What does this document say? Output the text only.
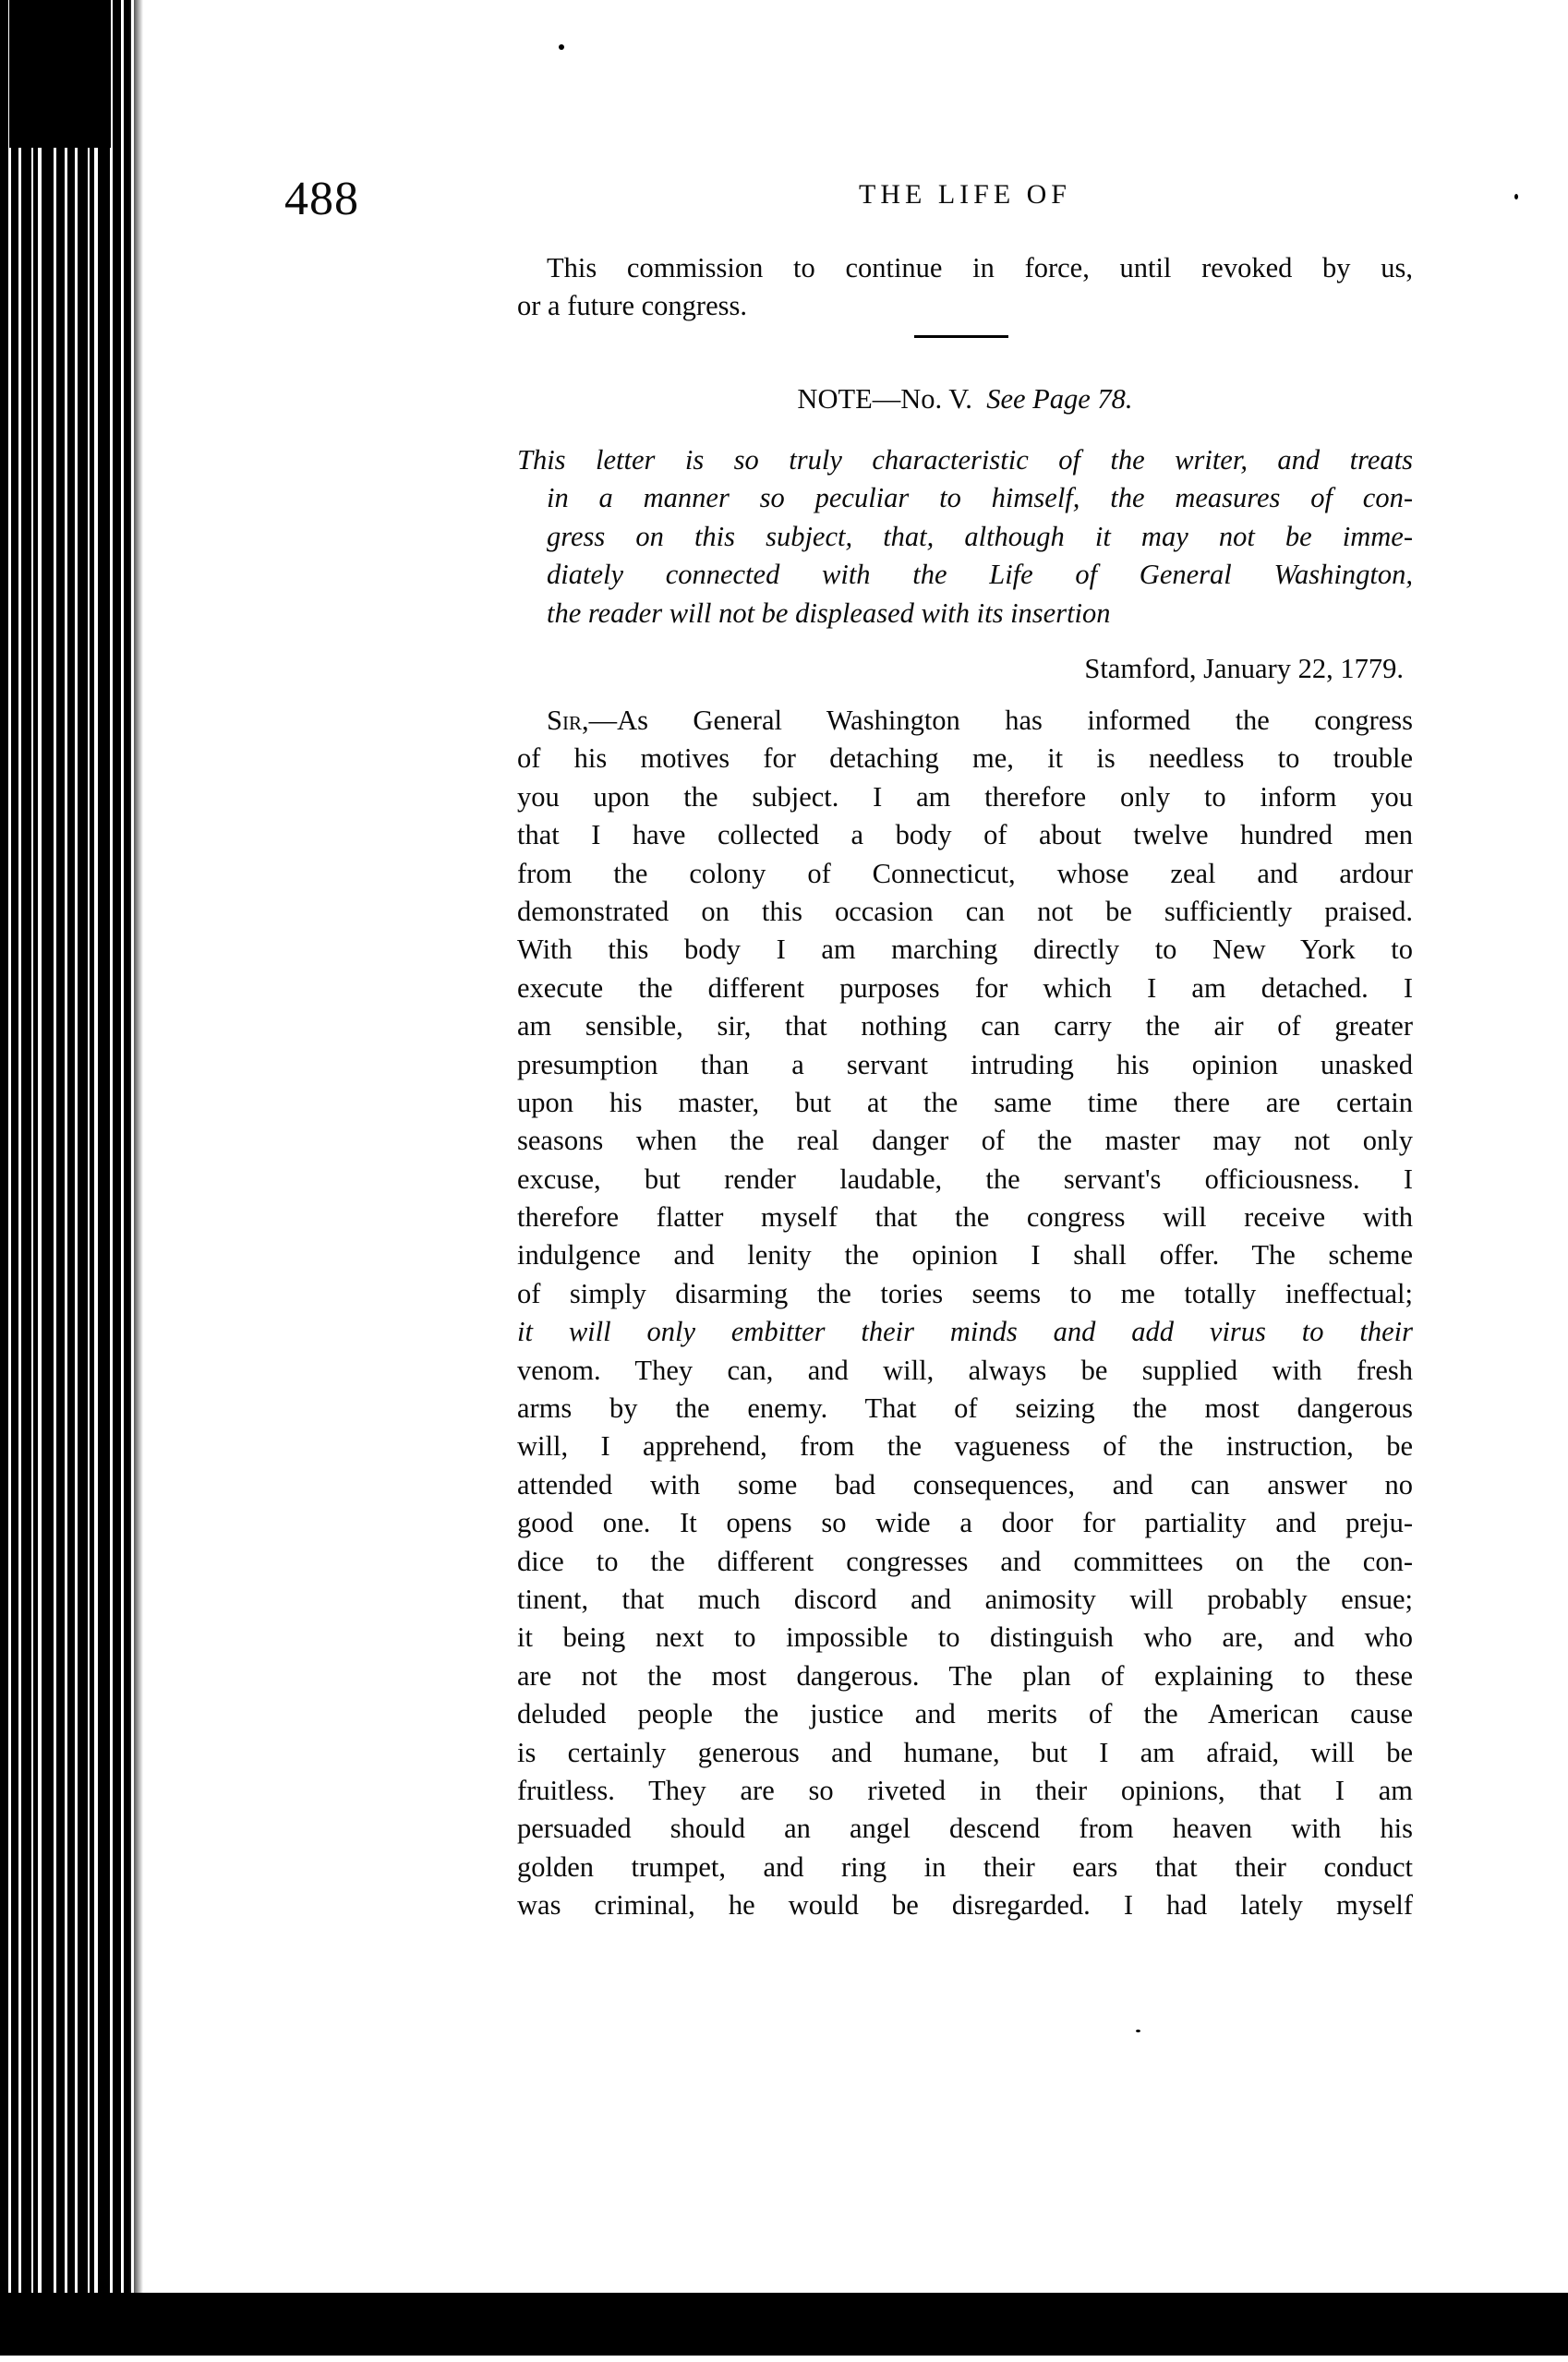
488	THE LIFE OF
This commission to continue in force, until revoked by us,
or a future congress.
NOTE—No. V. See Page 78.
This letter is so truly characteristic of the writer, and treats
in a manner so peculiar to himself, the measures of con-
gress on this subject, that, although it may not be imme-
diately connected with the Life of General Washington,
the reader will not be displeased with its insertion
Stamford, January 22, 1779.
Sir,—As General Washington has informed the congress
of his motives for detaching me, it is needless to trouble
you upon the subject. I am therefore only to inform you
that I have collected a body of about twelve hundred men
from the colony of Connecticut, whose zeal and ardour
demonstrated on this occasion can not be sufficiently praised.
With this body I am marching directly to New York to
execute the different purposes for which I am detached. I
am sensible, sir, that nothing can carry the air of greater
presumption than a servant intruding his opinion unasked
upon his master, but at the same time there are certain
seasons when the real danger of the master may not only
excuse, but render laudable, the servant's officiousness. I
therefore flatter myself that the congress will receive with
indulgence and lenity the opinion I shall offer. The scheme
of simply disarming the tories seems to me totally ineffectual;
it will only embitter their minds and add virus to their
venom. They can, and will, always be supplied with fresh
arms by the enemy. That of seizing the most dangerous
will, I apprehend, from the vagueness of the instruction, be
attended with some bad consequences, and can answer no
good one. It opens so wide a door for partiality and preju-
dice to the different congresses and committees on the con-
tinent, that much discord and animosity will probably ensue;
it being next to impossible to distinguish who are, and who
are not the most dangerous. The plan of explaining to these
deluded people the justice and merits of the American cause
is certainly generous and humane, but I am afraid, will be
fruitless. They are so riveted in their opinions, that I am
persuaded should an angel descend from heaven with his
golden trumpet, and ring in their ears that their conduct
was criminal, he would be disregarded. I had lately myself
